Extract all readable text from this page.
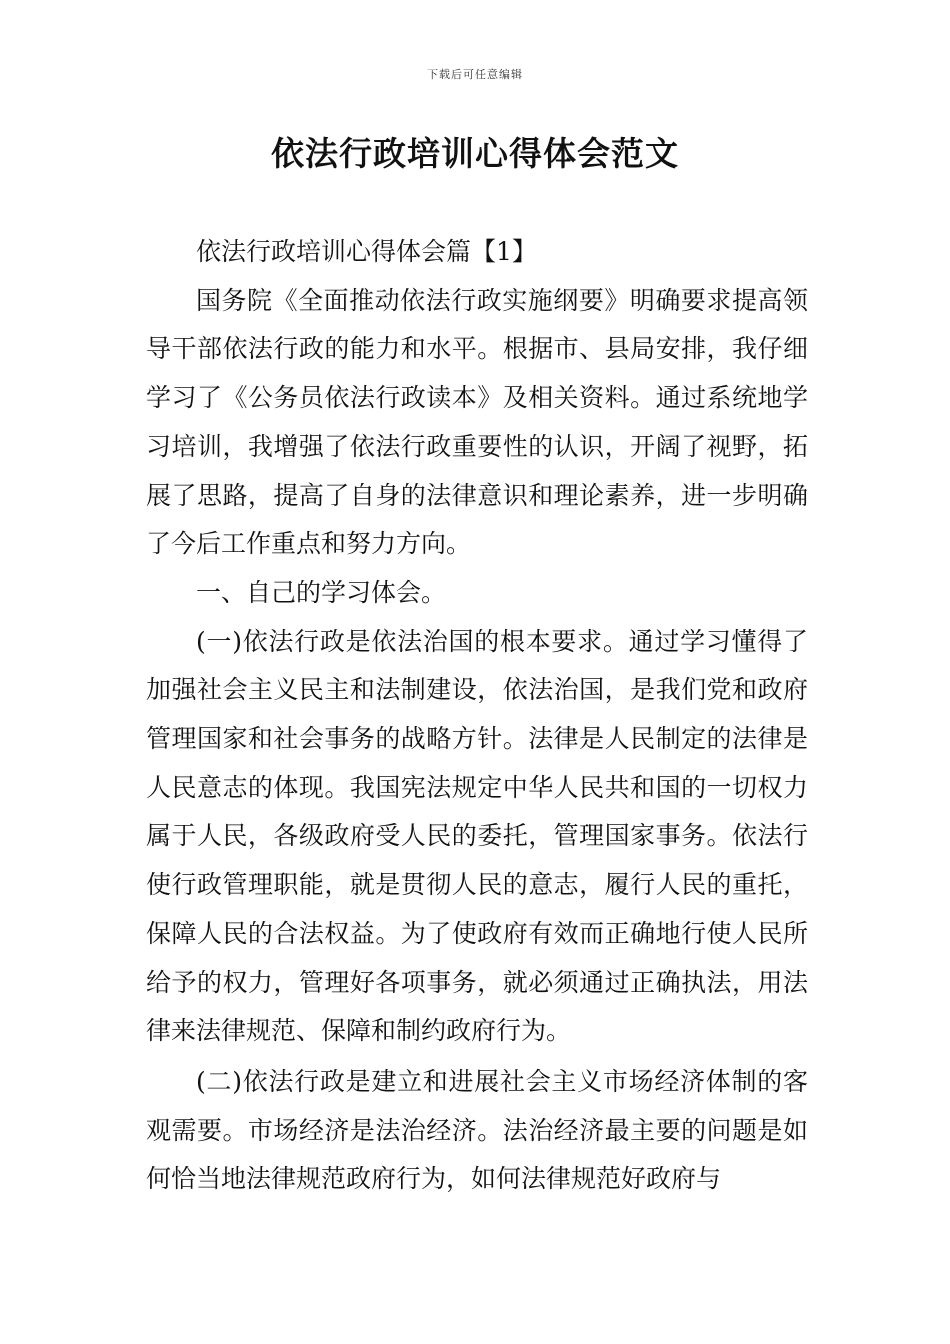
下载后可任意编辑
依法行政培训心得体会范文

依法行政培训心得体会篇【1】

国务院《全面推动依法行政实施纲要》明确要求提高领导干部依法行政的能力和水平。根据市、县局安排，我仔细学习了《公务员依法行政读本》及相关资料。通过系统地学习培训，我增强了依法行政重要性的认识，开阔了视野，拓展了思路，提高了自身的法律意识和理论素养，进一步明确了今后工作重点和努力方向。

一、自己的学习体会。

(一)依法行政是依法治国的根本要求。通过学习懂得了加强社会主义民主和法制建设，依法治国，是我们党和政府管理国家和社会事务的战略方针。法律是人民制定的法律是人民意志的体现。我国宪法规定中华人民共和国的一切权力属于人民，各级政府受人民的委托，管理国家事务。依法行使行政管理职能，就是贯彻人民的意志，履行人民的重托，保障人民的合法权益。为了使政府有效而正确地行使人民所给予的权力，管理好各项事务，就必须通过正确执法，用法律来法律规范、保障和制约政府行为。

(二)依法行政是建立和进展社会主义市场经济体制的客观需要。市场经济是法治经济。法治经济最主要的问题是如何恰当地法律规范政府行为，如何法律规范好政府与
